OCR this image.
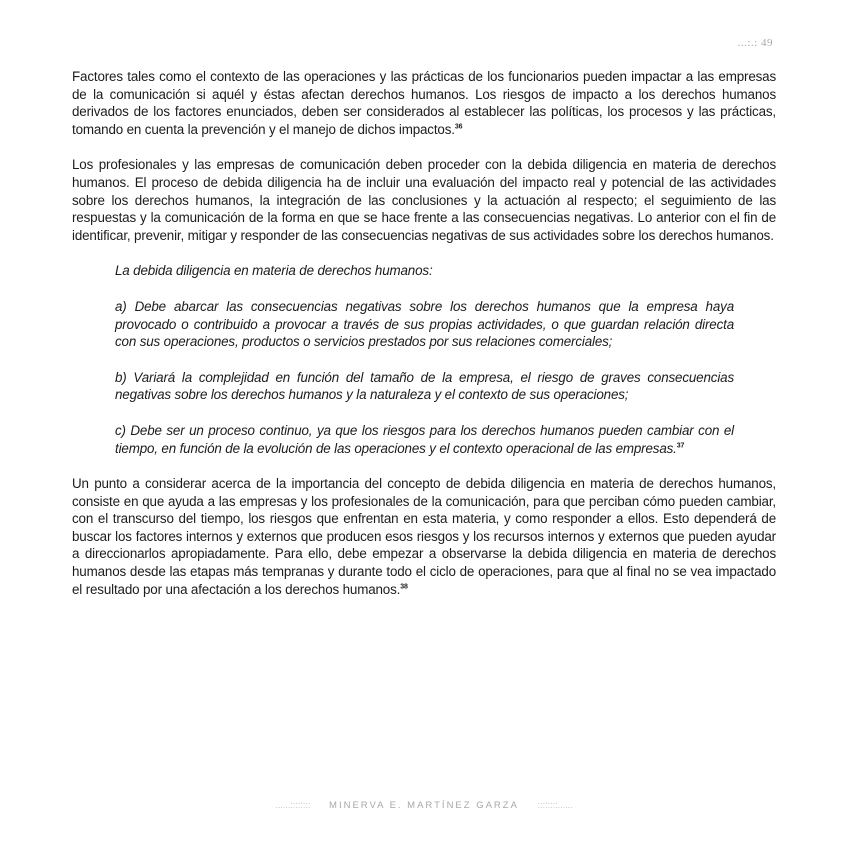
...:.: 49

Factores tales como el contexto de las operaciones y las prácticas de los funcionarios pueden impactar a las empresas de la comunicación si aquél y éstas afectan derechos humanos. Los riesgos de impacto a los derechos humanos derivados de los factores enunciados, deben ser considerados al establecer las políticas, los procesos y las prácticas, tomando en cuenta la prevención y el manejo de dichos impactos.$^{36}$

Los profesionales y las empresas de comunicación deben proceder con la debida diligencia en materia de derechos humanos. El proceso de debida diligencia ha de incluir una evaluación del impacto real y potencial de las actividades sobre los derechos humanos, la integración de las conclusiones y la actuación al respecto; el seguimiento de las respuestas y la comunicación de la forma en que se hace frente a las consecuencias negativas. Lo anterior con el fin de identificar, prevenir, mitigar y responder de las consecuencias negativas de sus actividades sobre los derechos humanos.

La debida diligencia en materia de derechos humanos:

a) Debe abarcar las consecuencias negativas sobre los derechos humanos que la empresa haya provocado o contribuido a provocar a través de sus propias actividades, o que guardan relación directa con sus operaciones, productos o servicios prestados por sus relaciones comerciales;

b) Variará la complejidad en función del tamaño de la empresa, el riesgo de graves consecuencias negativas sobre los derechos humanos y la naturaleza y el contexto de sus operaciones;

c) Debe ser un proceso continuo, ya que los riesgos para los derechos humanos pueden cambiar con el tiempo, en función de la evolución de las operaciones y el contexto operacional de las empresas.$^{37}$

Un punto a considerar acerca de la importancia del concepto de debida diligencia en materia de derechos humanos, consiste en que ayuda a las empresas y los profesionales de la comunicación, para que perciban cómo pueden cambiar, con el transcurso del tiempo, los riesgos que enfrentan en esta materia, y como responder a ellos. Esto dependerá de buscar los factores internos y externos que producen esos riesgos y los recursos internos y externos que pueden ayudar a direccionarlos apropiadamente. Para ello, debe empezar a observarse la debida diligencia en materia de derechos humanos desde las etapas más tempranas y durante todo el ciclo de operaciones, para que al final no se vea impactado el resultado por una afectación a los derechos humanos.$^{38}$

......:::::::: MINERVA E. MARTÍNEZ GARZA ::::::::......
